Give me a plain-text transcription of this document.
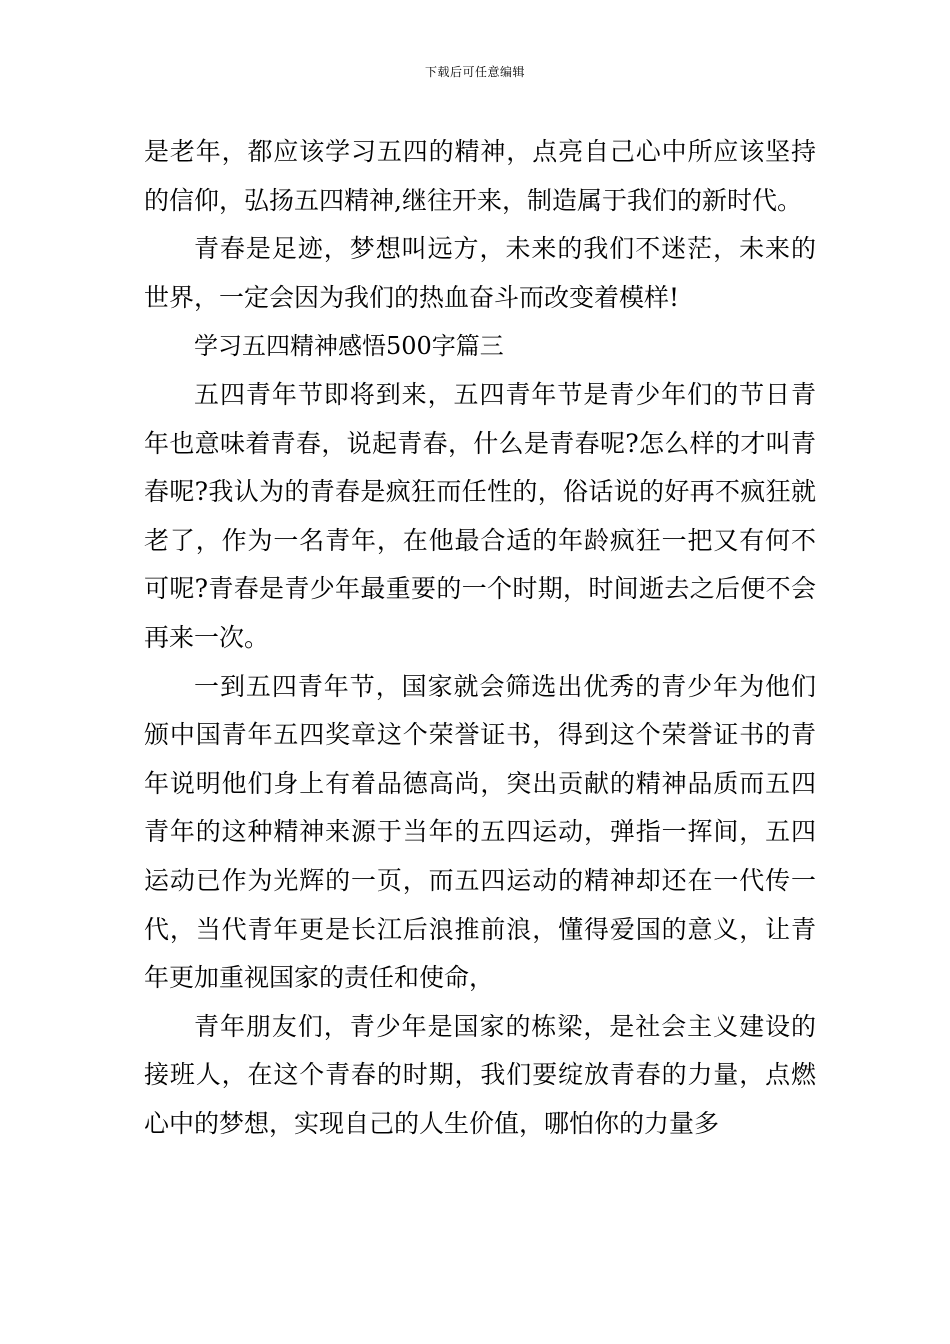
下载后可任意编辑

是老年，都应该学习五四的精神，点亮自己心中所应该坚持的信仰，弘扬五四精神,继往开来，制造属于我们的新时代。

青春是足迹，梦想叫远方，未来的我们不迷茫，未来的世界，一定会因为我们的热血奋斗而改变着模样!

学习五四精神感悟500字篇三

五四青年节即将到来，五四青年节是青少年们的节日青年也意味着青春，说起青春，什么是青春呢?怎么样的才叫青春呢?我认为的青春是疯狂而任性的，俗话说的好再不疯狂就老了，作为一名青年，在他最合适的年龄疯狂一把又有何不可呢?青春是青少年最重要的一个时期，时间逝去之后便不会再来一次。

一到五四青年节，国家就会筛选出优秀的青少年为他们颁中国青年五四奖章这个荣誉证书，得到这个荣誉证书的青年说明他们身上有着品德高尚，突出贡献的精神品质而五四青年的这种精神来源于当年的五四运动，弹指一挥间，五四运动已作为光辉的一页，而五四运动的精神却还在一代传一代，当代青年更是长江后浪推前浪，懂得爱国的意义，让青年更加重视国家的责任和使命，

青年朋友们，青少年是国家的栋梁，是社会主义建设的接班人，在这个青春的时期，我们要绽放青春的力量，点燃心中的梦想，实现自己的人生价值，哪怕你的力量多
